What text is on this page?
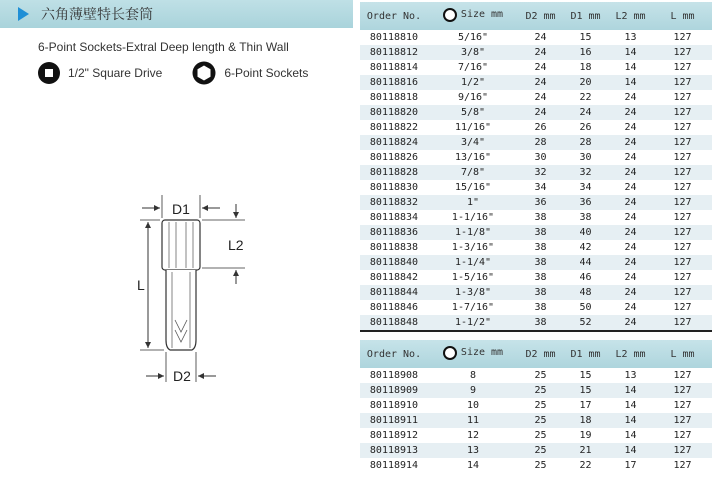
六角薄壁特长套筒
6-Point Sockets-Extral Deep length & Thin Wall
1/2" Square Drive	6-Point Sockets
D1
L2
L
D2
Order No.	Size mm	D2 mm	D1 mm	L2 mm	L mm
80118810	5/16"	24	15	13	127
80118812	3/8"	24	16	14	127
80118814	7/16"	24	18	14	127
80118816	1/2"	24	20	14	127
80118818	9/16"	24	22	24	127
80118820	5/8"	24	24	24	127
80118822	11/16"	26	26	24	127
80118824	3/4"	28	28	24	127
80118826	13/16"	30	30	24	127
80118828	7/8"	32	32	24	127
80118830	15/16"	34	34	24	127
80118832	1"	36	36	24	127
80118834	1-1/16"	38	38	24	127
80118836	1-1/8"	38	40	24	127
80118838	1-3/16"	38	42	24	127
80118840	1-1/4"	38	44	24	127
80118842	1-5/16"	38	46	24	127
80118844	1-3/8"	38	48	24	127
80118846	1-7/16"	38	50	24	127
80118848	1-1/2"	38	52	24	127
Order No.	Size mm	D2 mm	D1 mm	L2 mm	L mm
80118908	8	25	15	13	127
80118909	9	25	15	14	127
80118910	10	25	17	14	127
80118911	11	25	18	14	127
80118912	12	25	19	14	127
80118913	13	25	21	14	127
80118914	14	25	22	17	127
